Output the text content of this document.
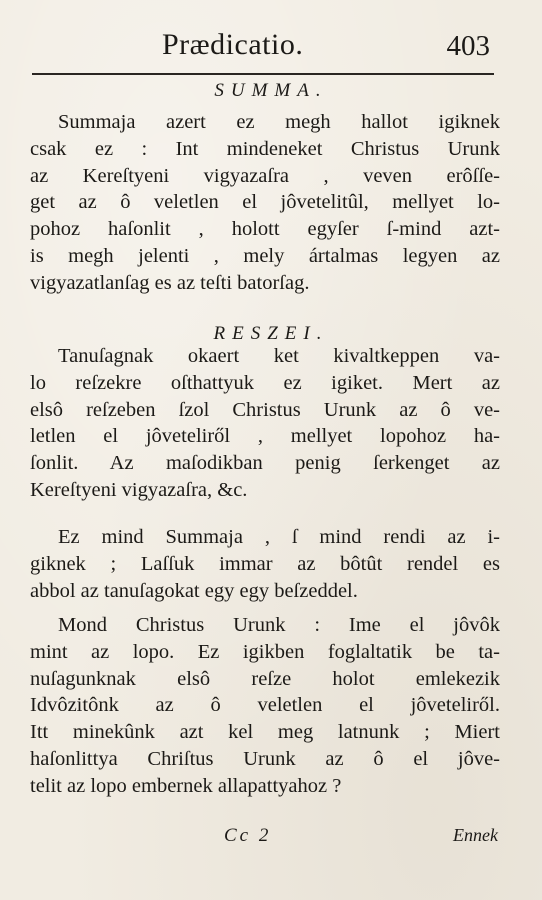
Prædicatio.	403
SUMMA.
Summaja azert ez megh hallot igiknek
csak ez : Int mindeneket Christus Urunk
az Kereſtyeni vigyazaſra , veven erôſſe-
get az ô veletlen el jôvetelitûl, mellyet lo-
pohoz haſonlit , holott egyſer ſ-mind azt-
is megh jelenti , mely ártalmas legyen az
vigyazatlanſag es az teſti batorſag.
RESZEI.
Tanuſagnak okaert ket kivaltkeppen va-
lo reſzekre oſthattyuk ez igiket. Mert az
elsô reſzeben ſzol Christus Urunk az ô ve-
letlen el jôveteliről , mellyet lopohoz ha-
ſonlit. Az maſodikban penig ſerkenget az
Kereſtyeni vigyazaſra, &c.
Ez mind Summaja , ſ mind rendi az i-
giknek ; Laſſuk immar az bôtût rendel es
abbol az tanuſagokat egy egy beſzeddel.
Mond Christus Urunk : Ime el jôvôk
mint az lopo. Ez igikben foglaltatik be ta-
nuſagunknak elsô reſze holot emlekezik
Idvôzitônk az ô veletlen el jôveteliről.
Itt minekûnk azt kel meg latnunk ; Miert
haſonlittya Chriſtus Urunk az ô el jôve-
telit az lopo embernek allapattyahoz ?
Cc 2	Ennek
